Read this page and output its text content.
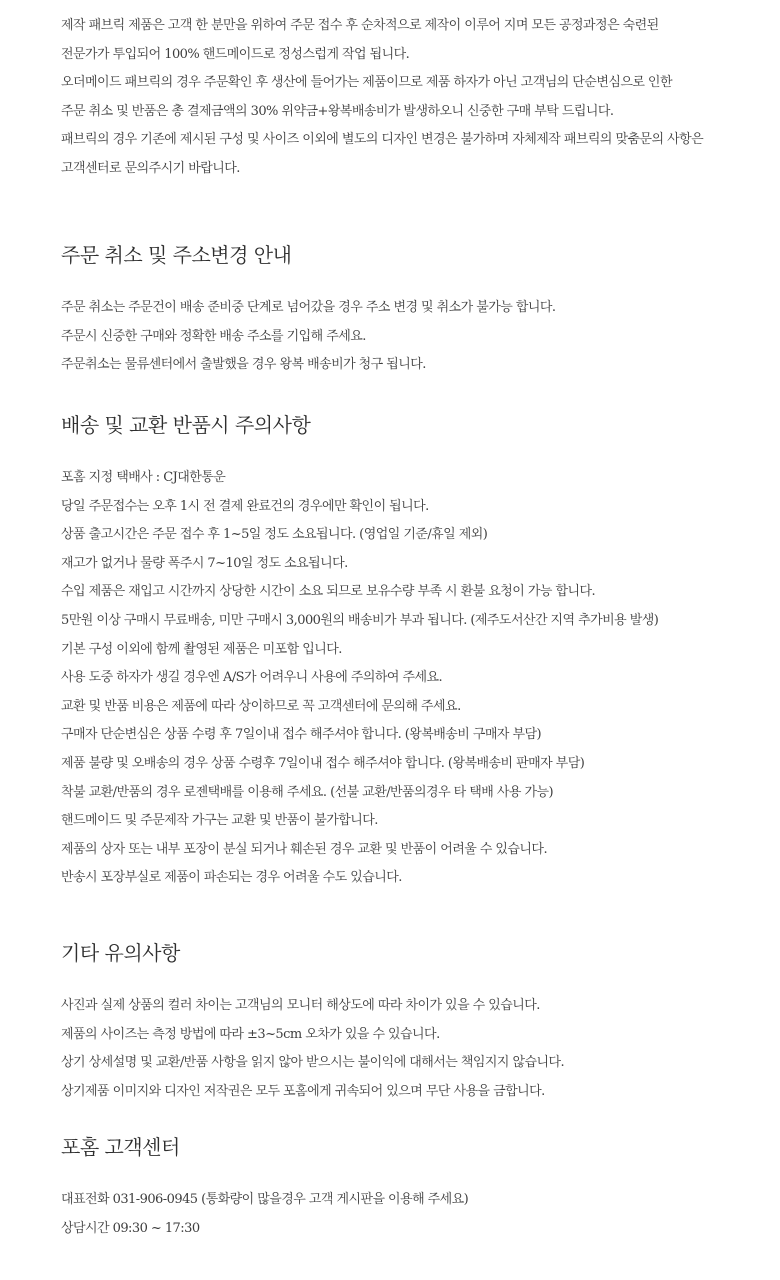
제작 패브릭 제품은 고객 한 분만을 위하여 주문 접수 후 순차적으로 제작이 이루어 지며 모든 공정과정은 숙련된
전문가가 투입되어 100% 핸드메이드로 정성스럽게 작업 됩니다.
오더메이드 패브릭의 경우 주문확인 후 생산에 들어가는 제품이므로 제품 하자가 아닌 고객님의 단순변심으로 인한
주문 취소 및 반품은 총 결제금액의 30% 위약금+왕복배송비가 발생하오니 신중한 구매 부탁 드립니다.
패브릭의 경우 기존에 제시된 구성 및 사이즈 이외에 별도의 디자인 변경은 불가하며 자체제작 패브릭의 맞춤문의 사항은
고객센터로 문의주시기 바랍니다.
주문 취소 및 주소변경 안내
주문 취소는 주문건이 배송 준비중 단계로 넘어갔을 경우 주소 변경 및 취소가 불가능 합니다.
주문시 신중한 구매와 정확한 배송 주소를 기입해 주세요.
주문취소는 물류센터에서 출발했을 경우 왕복 배송비가 청구 됩니다.
배송 및 교환 반품시 주의사항
포홈 지정 택배사 : CJ대한통운
당일 주문접수는 오후 1시 전 결제 완료건의 경우에만 확인이 됩니다.
상품 출고시간은 주문 접수 후 1~5일 정도 소요됩니다. (영업일 기준/휴일 제외)
재고가 없거나 물량 폭주시 7~10일 정도 소요됩니다.
수입 제품은 재입고 시간까지 상당한 시간이 소요 되므로 보유수량 부족 시 환불 요청이 가능 합니다.
5만원 이상 구매시 무료배송, 미만 구매시 3,000원의 배송비가 부과 됩니다. (제주도서산간 지역 추가비용 발생)
기본 구성 이외에 함께 촬영된 제품은 미포함 입니다.
사용 도중 하자가 생길 경우엔 A/S가 어려우니 사용에 주의하여 주세요.
교환 및 반품 비용은 제품에 따라 상이하므로 꼭 고객센터에 문의해 주세요.
구매자 단순변심은 상품 수령 후 7일이내 접수 해주셔야 합니다. (왕복배송비 구매자 부담)
제품 불량 및 오배송의 경우 상품 수령후 7일이내 접수 해주셔야 합니다. (왕복배송비 판매자 부담)
착불 교환/반품의 경우 로젠택배를 이용해 주세요. (선불 교환/반품의경우 타 택배 사용 가능)
핸드메이드 및 주문제작 가구는 교환 및 반품이 불가합니다.
제품의 상자 또는 내부 포장이 분실 되거나 훼손된 경우 교환 및 반품이 어려울 수 있습니다.
반송시 포장부실로 제품이 파손되는 경우 어려울 수도 있습니다.
기타 유의사항
사진과 실제 상품의 컬러 차이는 고객님의 모니터 해상도에 따라 차이가 있을 수 있습니다.
제품의 사이즈는 측정 방법에 따라 ±3~5cm 오차가 있을 수 있습니다.
상기 상세설명 및 교환/반품 사항을 읽지 않아 받으시는 불이익에 대해서는 책임지지 않습니다.
상기제품 이미지와 디자인 저작권은 모두 포홈에게 귀속되어 있으며 무단 사용을 금합니다.
포홈 고객센터
대표전화 031-906-0945 (통화량이 많을경우 고객 게시판을 이용해 주세요)
상담시간 09:30 ~ 17:30
